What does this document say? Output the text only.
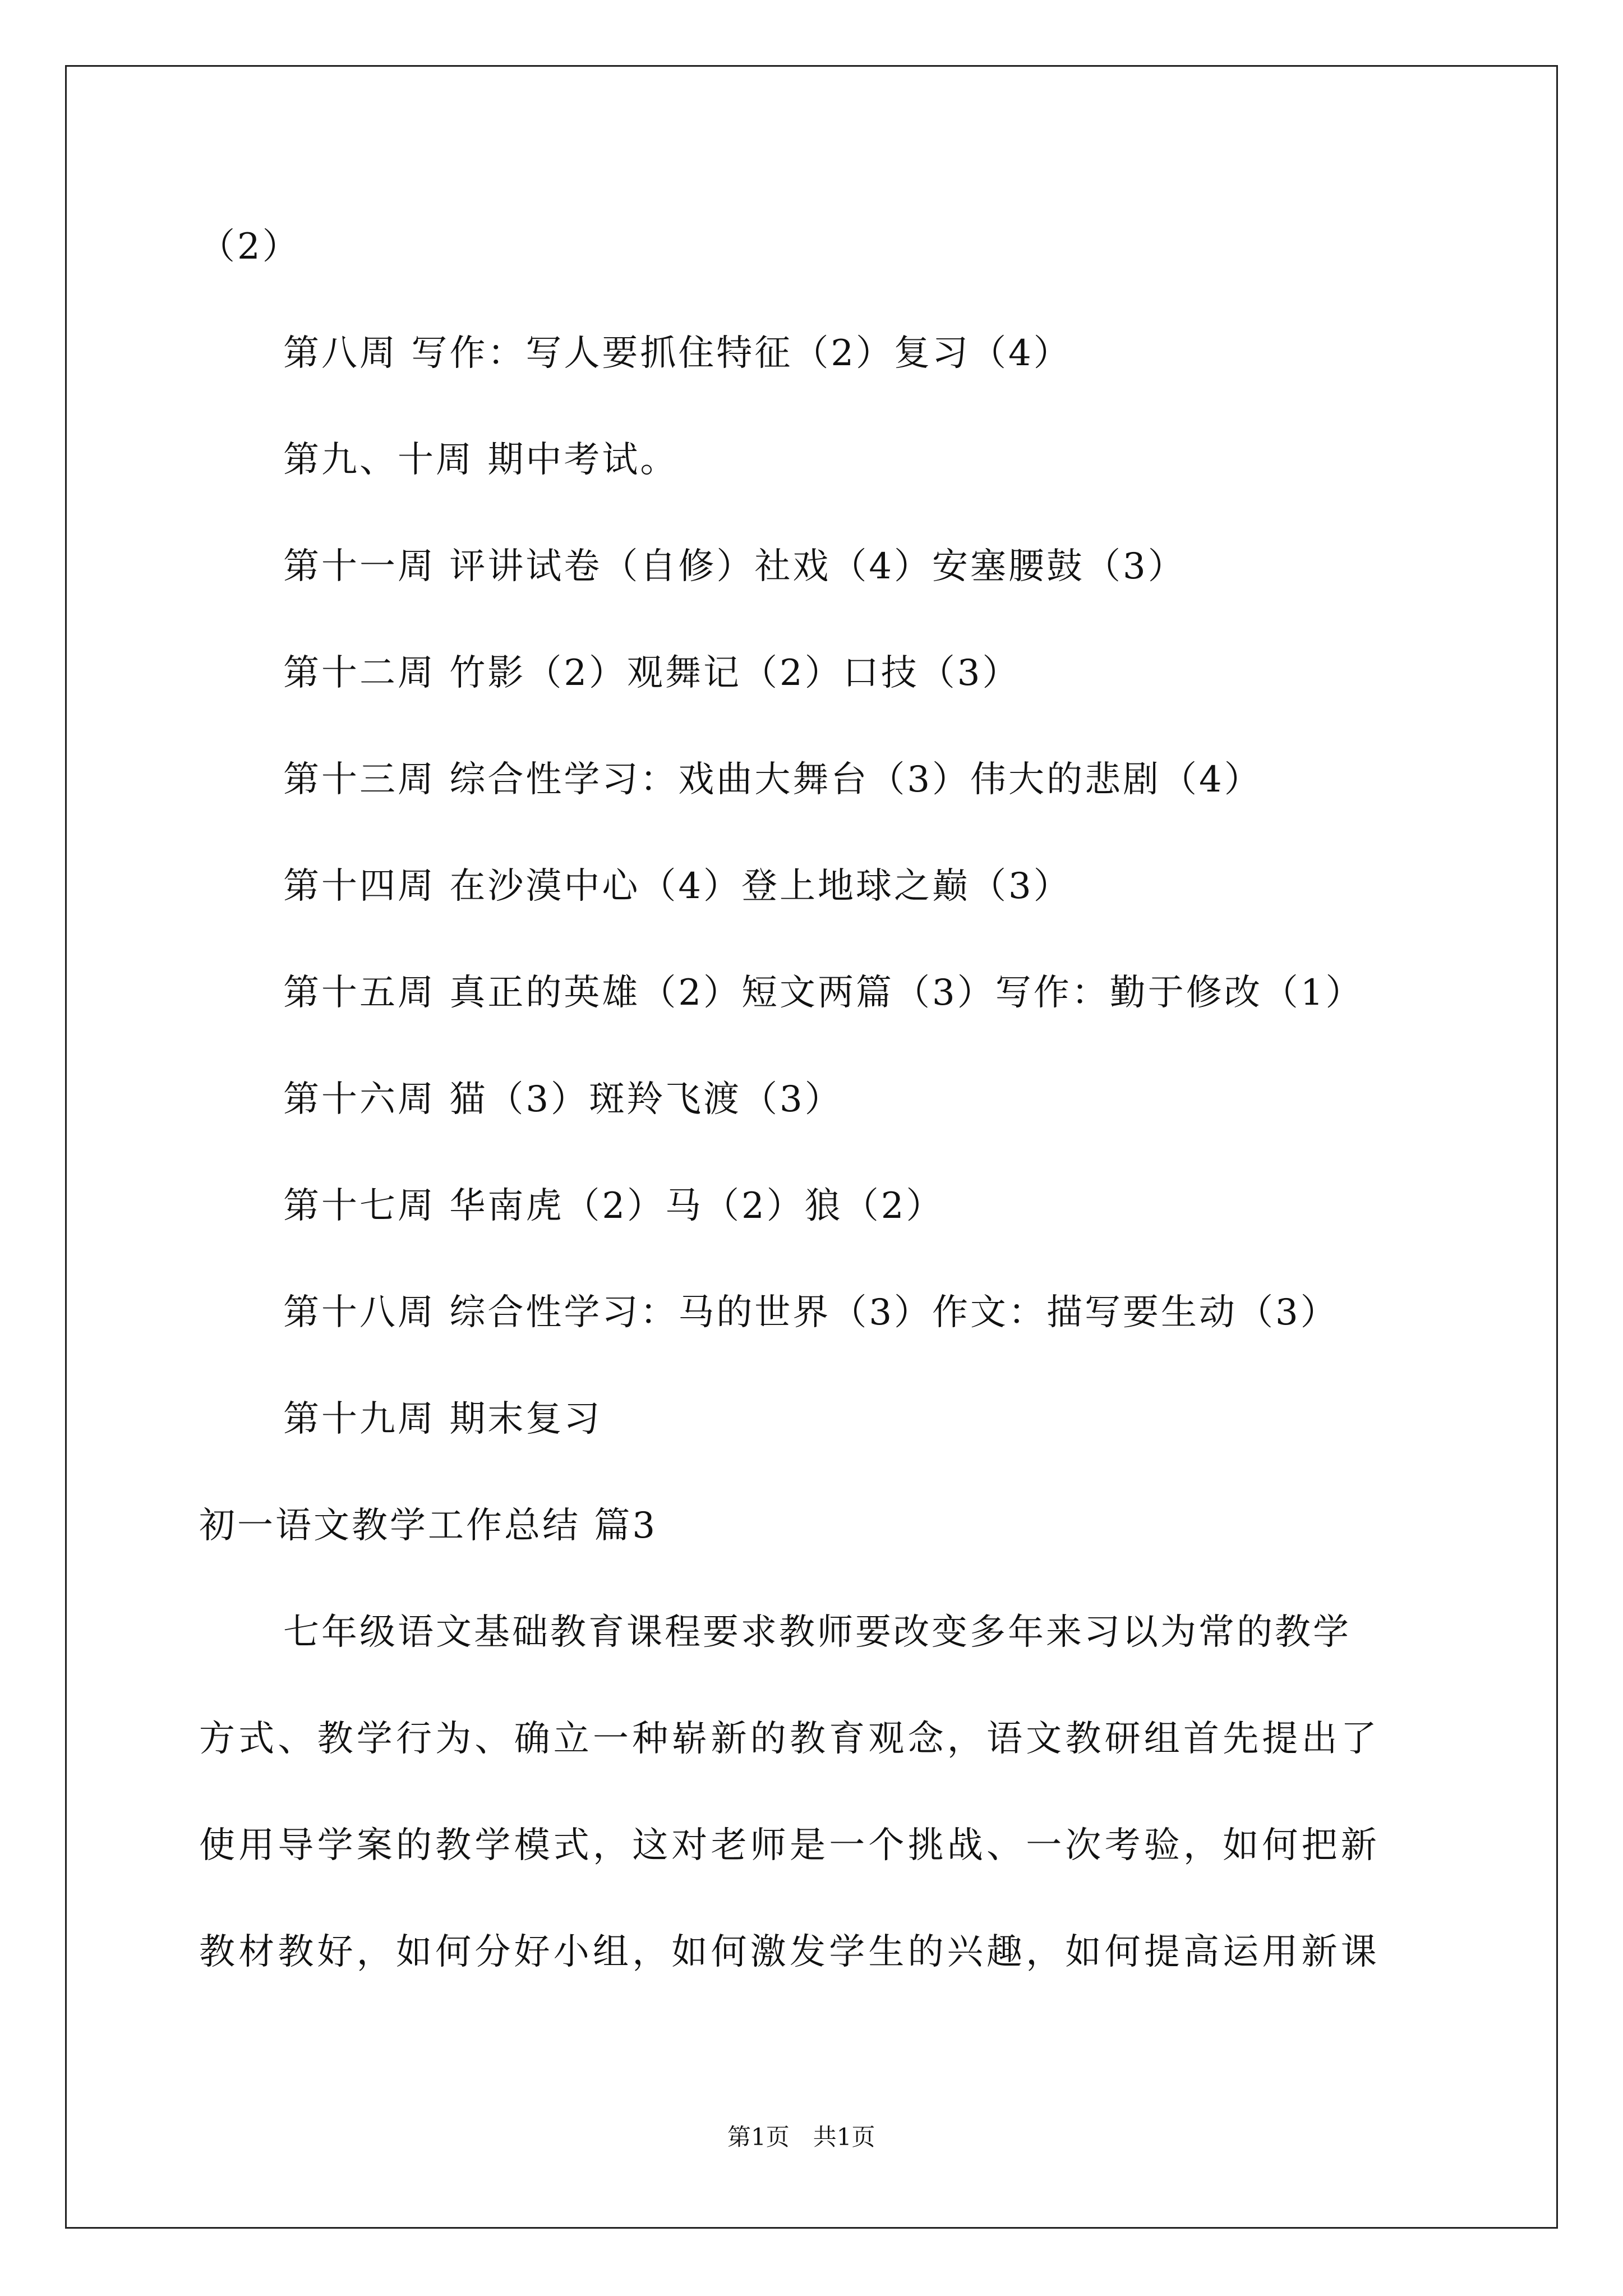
（2）
第八周 写作：写人要抓住特征（2）复习（4）
第九、十周 期中考试。
第十一周 评讲试卷（自修）社戏（4）安塞腰鼓（3）
第十二周 竹影（2）观舞记（2）口技（3）
第十三周 综合性学习：戏曲大舞台（3）伟大的悲剧（4）
第十四周 在沙漠中心（4）登上地球之巅（3）
第十五周 真正的英雄（2）短文两篇（3）写作：勤于修改（1）
第十六周 猫（3）斑羚飞渡（3）
第十七周 华南虎（2）马（2）狼（2）
第十八周 综合性学习：马的世界（3）作文：描写要生动（3）
第十九周 期末复习
初一语文教学工作总结 篇3
七年级语文基础教育课程要求教师要改变多年来习以为常的教学
方式、教学行为、确立一种崭新的教育观念，语文教研组首先提出了
使用导学案的教学模式，这对老师是一个挑战、一次考验，如何把新
教材教好，如何分好小组，如何激发学生的兴趣，如何提高运用新课
第1页　共1页
